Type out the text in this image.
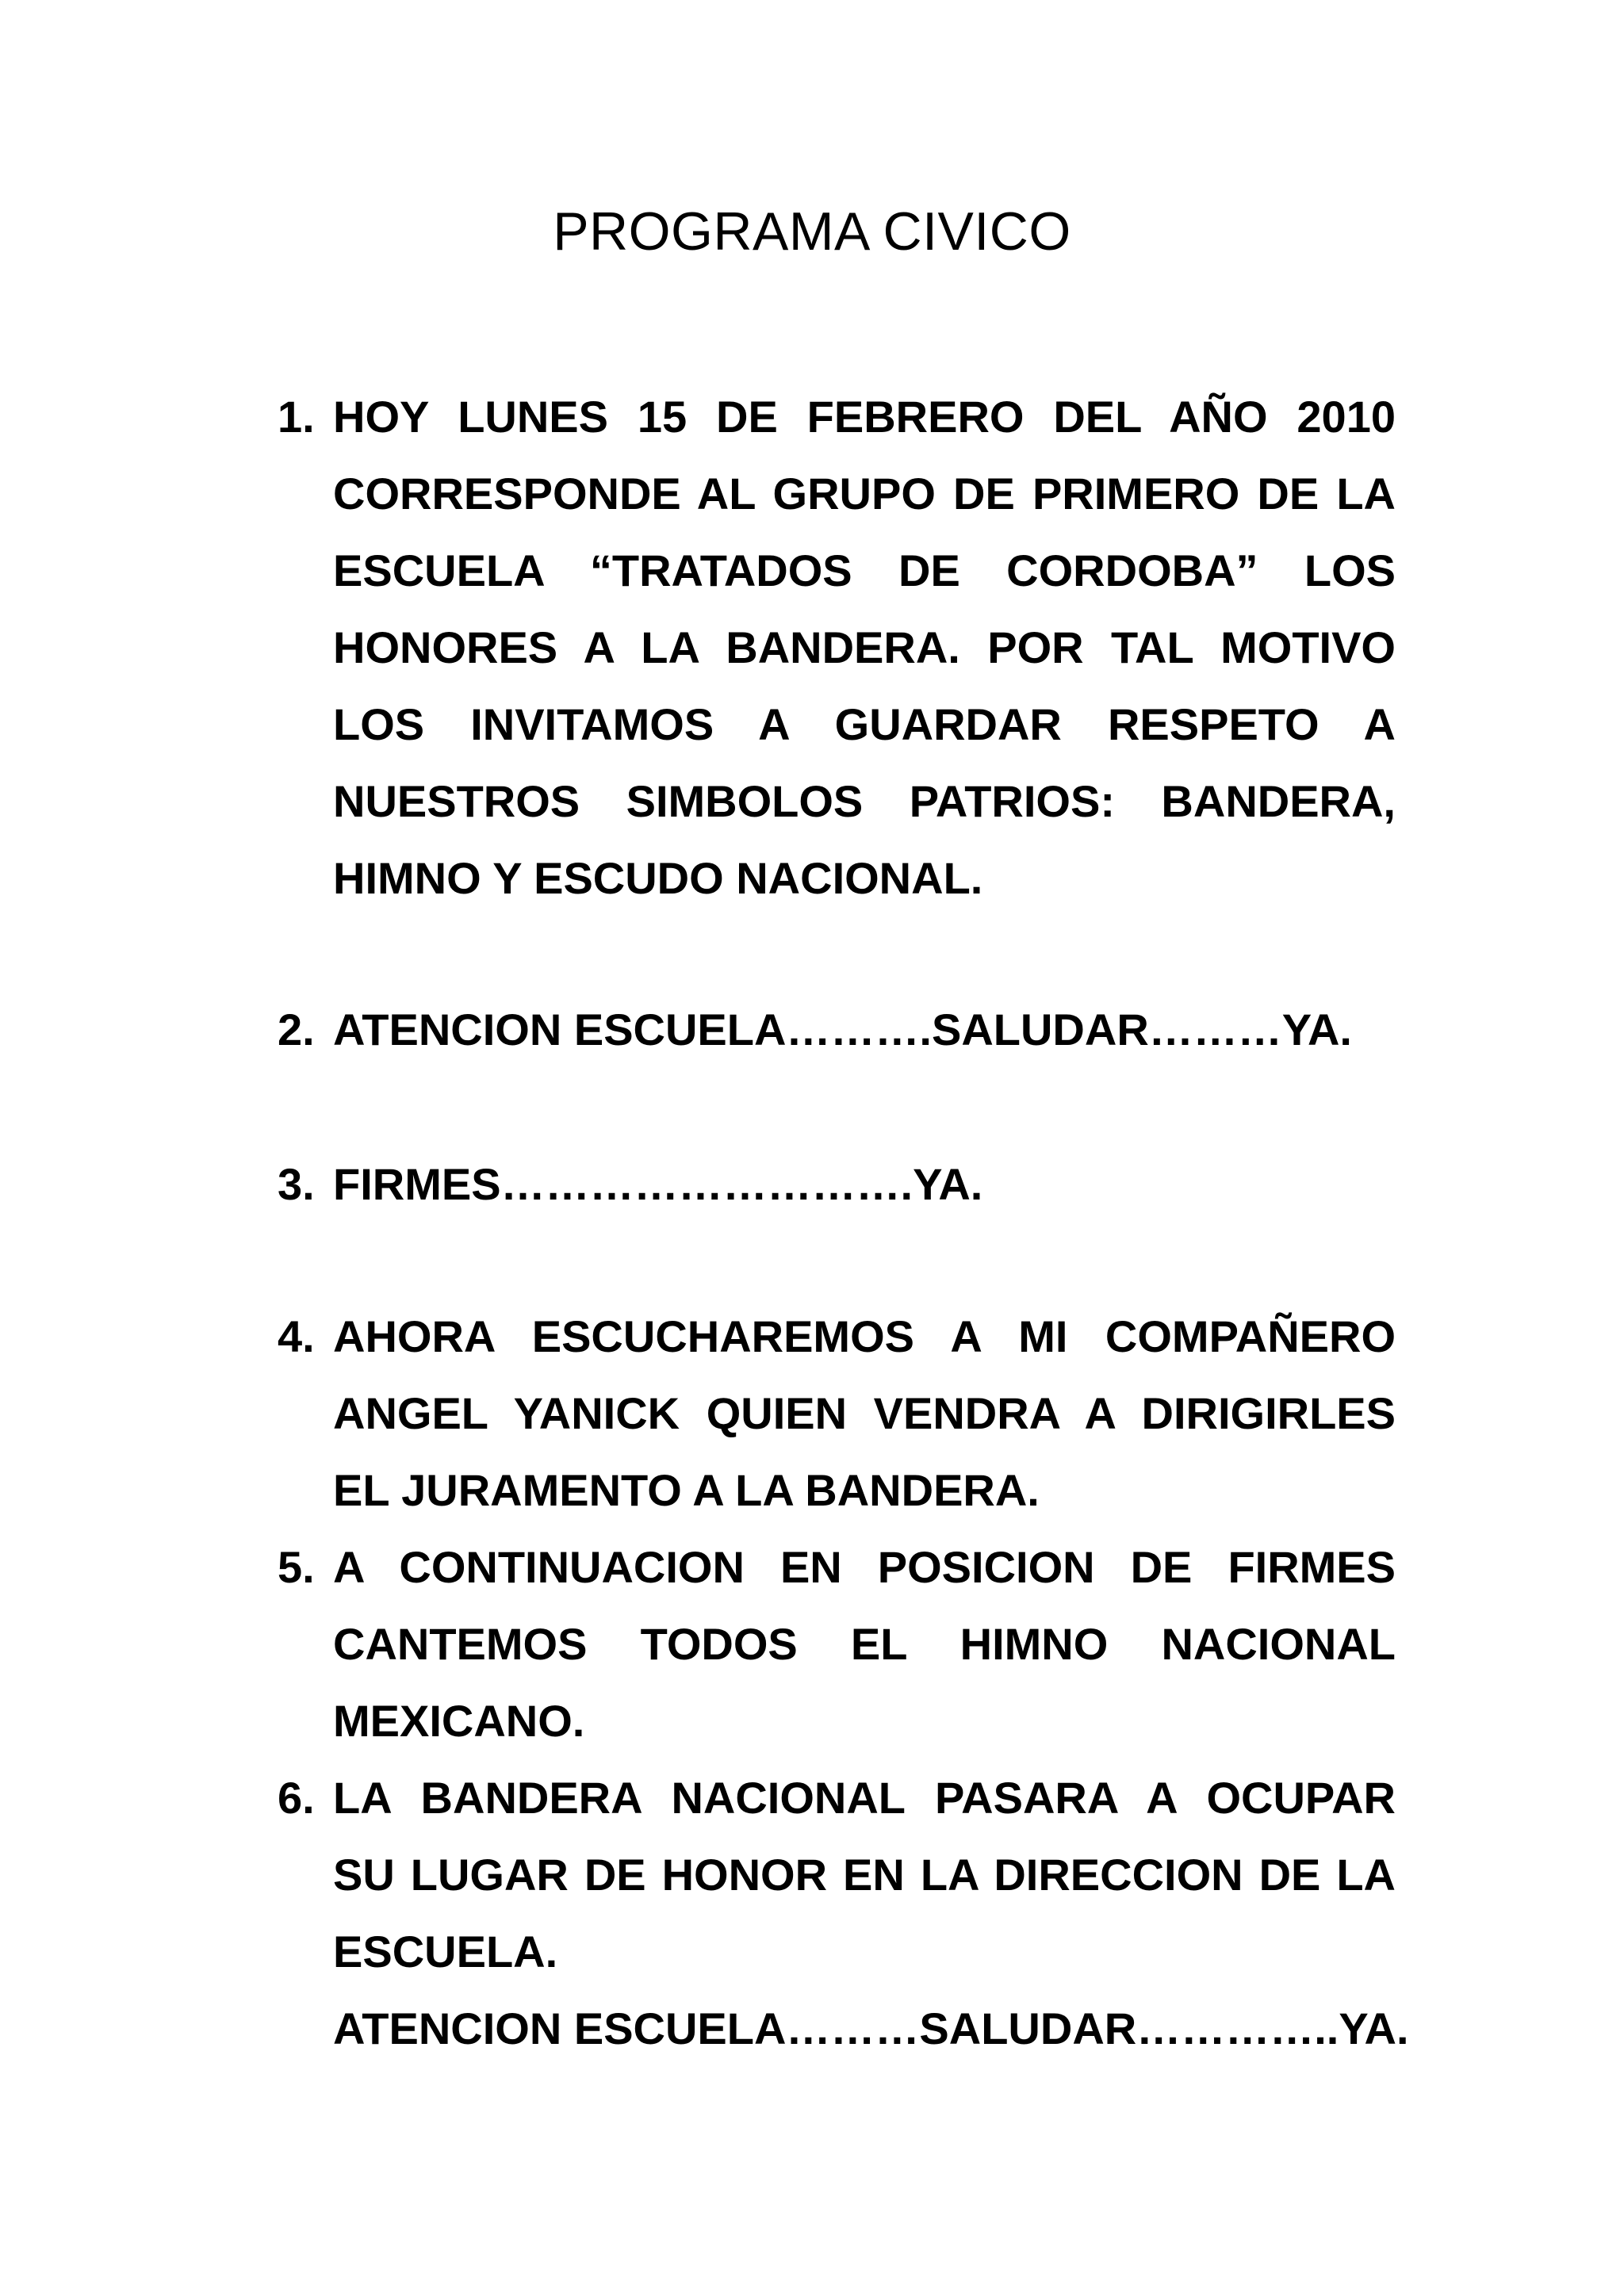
PROGRAMA CIVICO
1. HOY LUNES 15 DE FEBRERO DEL AÑO 2010
CORRESPONDE AL GRUPO DE PRIMERO DE LA
ESCUELA “TRATADOS DE CORDOBA” LOS
HONORES A LA BANDERA. POR TAL MOTIVO
LOS INVITAMOS A GUARDAR RESPETO A
NUESTROS SIMBOLOS PATRIOS: BANDERA,
HIMNO Y ESCUDO NACIONAL.
2. ATENCION ESCUELA……….SALUDAR………YA.
3. FIRMES……………………….YA.
4. AHORA ESCUCHAREMOS A MI COMPAÑERO
ANGEL YANICK QUIEN VENDRA A DIRIGIRLES
EL JURAMENTO A LA BANDERA.
5. A CONTINUACION EN POSICION DE FIRMES
CANTEMOS TODOS EL HIMNO NACIONAL
MEXICANO.
6. LA BANDERA NACIONAL PASARA A OCUPAR
SU LUGAR DE HONOR EN LA DIRECCION DE LA
ESCUELA.
ATENCION ESCUELA………SALUDAR…………..YA.
